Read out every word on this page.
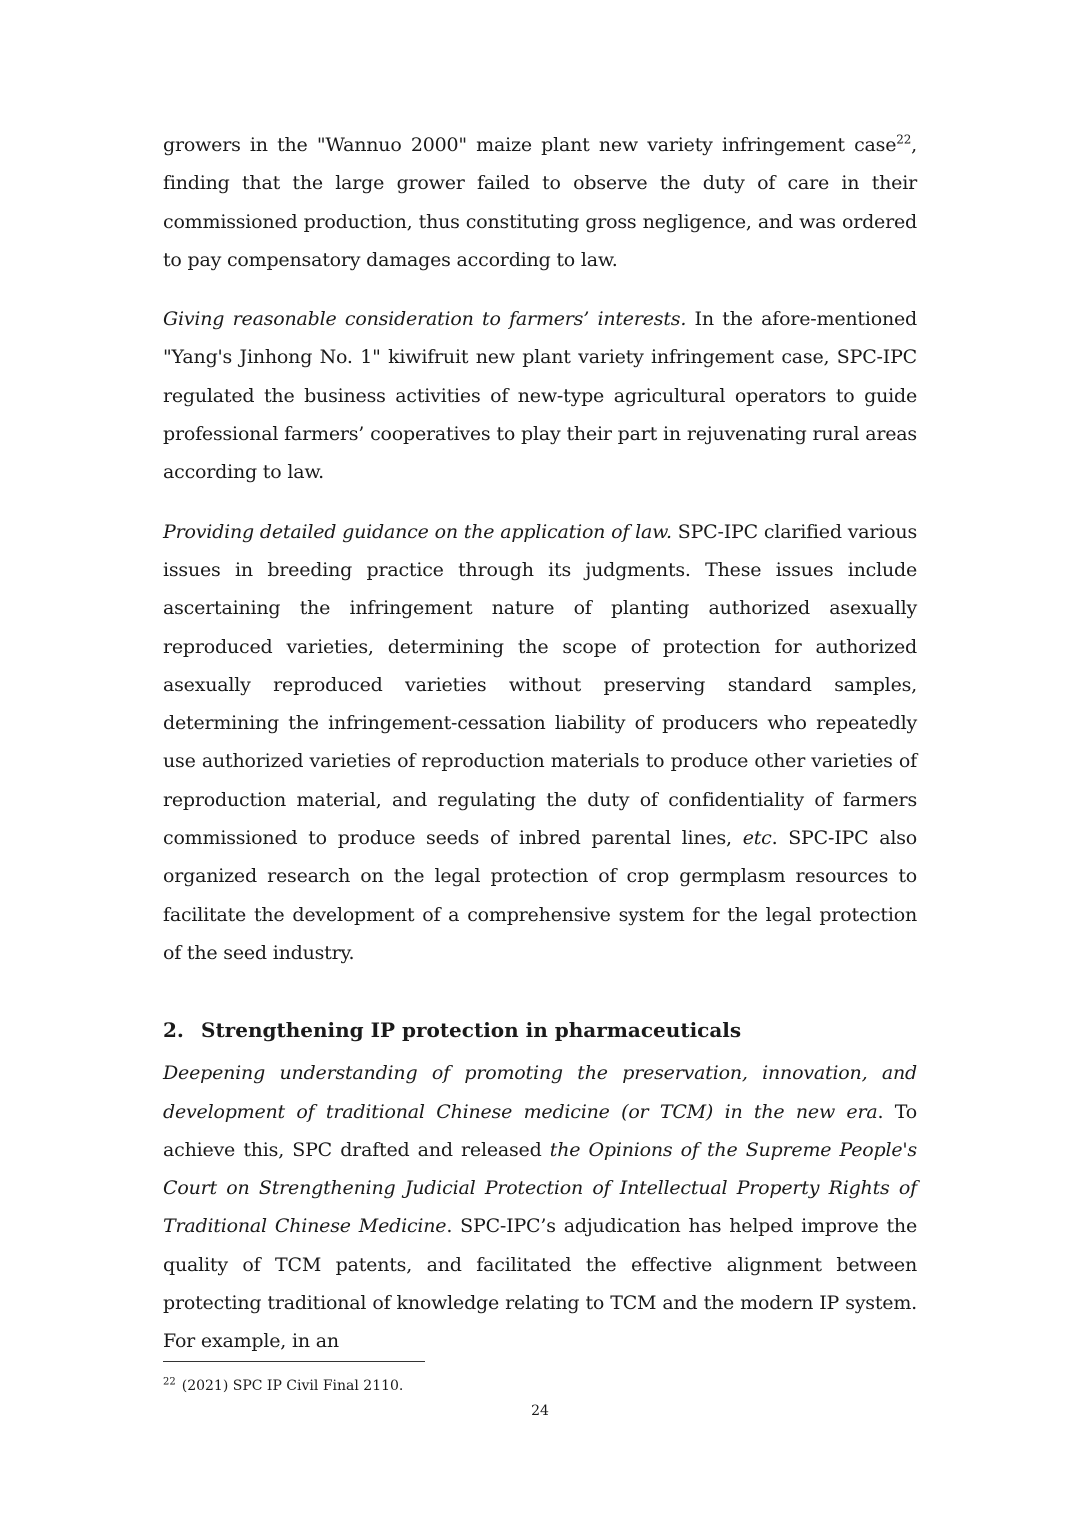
growers in the "Wannuo 2000" maize plant new variety infringement case$^{22}$, finding that the large grower failed to observe the duty of care in their commissioned production, thus constituting gross negligence, and was ordered to pay compensatory damages according to law.

Giving reasonable consideration to farmers’ interests. In the afore-mentioned "Yang's Jinhong No. 1" kiwifruit new plant variety infringement case, SPC-IPC regulated the business activities of new-type agricultural operators to guide professional farmers’ cooperatives to play their part in rejuvenating rural areas according to law.

Providing detailed guidance on the application of law. SPC-IPC clarified various issues in breeding practice through its judgments. These issues include ascertaining the infringement nature of planting authorized asexually reproduced varieties, determining the scope of protection for authorized asexually reproduced varieties without preserving standard samples, determining the infringement-cessation liability of producers who repeatedly use authorized varieties of reproduction materials to produce other varieties of reproduction material, and regulating the duty of confidentiality of farmers commissioned to produce seeds of inbred parental lines, etc. SPC-IPC also organized research on the legal protection of crop germplasm resources to facilitate the development of a comprehensive system for the legal protection of the seed industry.

2. Strengthening IP protection in pharmaceuticals

Deepening understanding of promoting the preservation, innovation, and development of traditional Chinese medicine (or TCM) in the new era. To achieve this, SPC drafted and released the Opinions of the Supreme People's Court on Strengthening Judicial Protection of Intellectual Property Rights of Traditional Chinese Medicine. SPC-IPC’s adjudication has helped improve the quality of TCM patents, and facilitated the effective alignment between protecting traditional of knowledge relating to TCM and the modern IP system. For example, in an

$^{22}$ (2021) SPC IP Civil Final 2110.
24
